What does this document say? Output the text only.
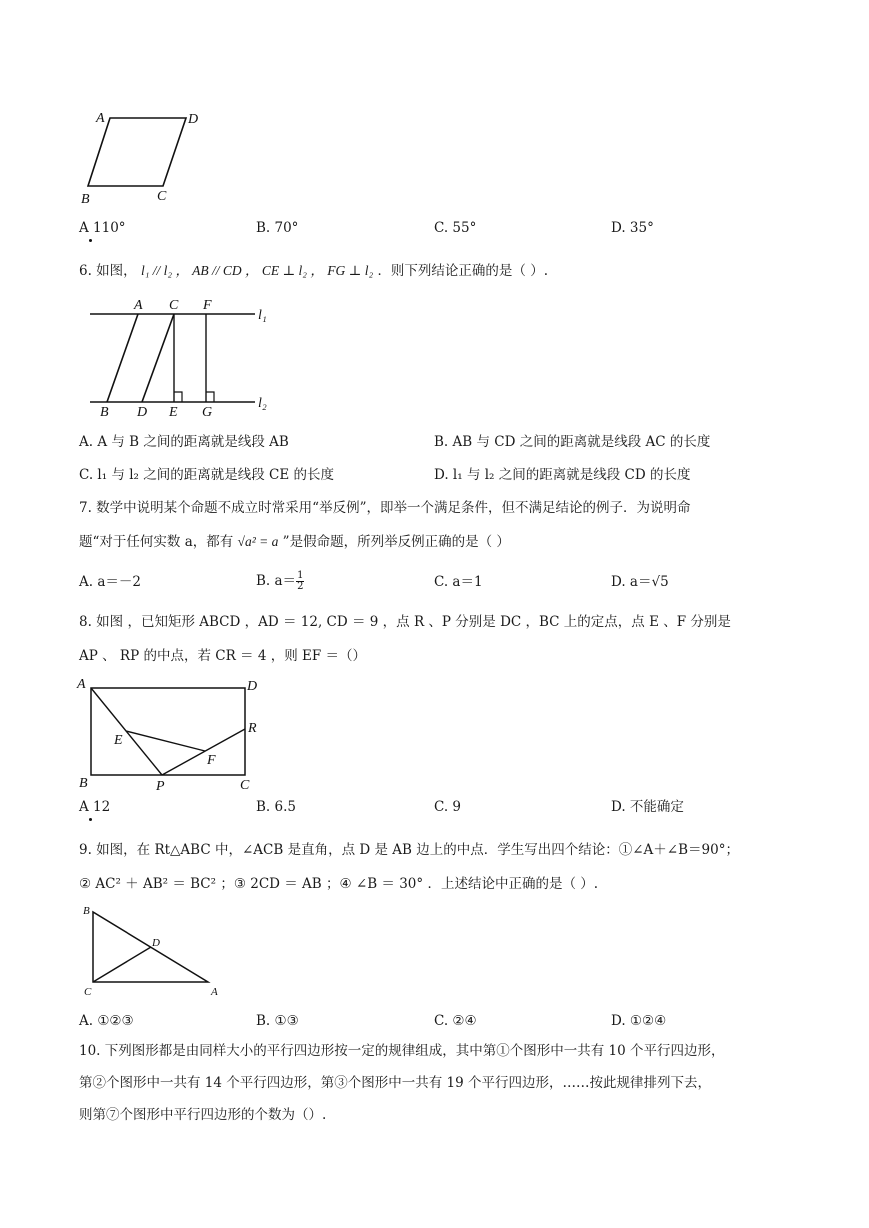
A	D
B	C
A 110°	B. 70°	C. 55°	D. 35°
6. 如图， l₁ // l₂ ， AB // CD ， CE ⊥ l₂ ， FG ⊥ l₂ ．则下列结论正确的是（ ）.
A C F
l₁
l₂
B D E G
A. A 与 B 之间的距离就是线段 AB	B. AB 与 CD 之间的距离就是线段 AC 的长度
C. l₁ 与 l₂ 之间的距离就是线段 CE 的长度	D. l₁ 与 l₂ 之间的距离就是线段 CD 的长度
7. 数学中说明某个命题不成立时常采用“举反例”，即举一个满足条件，但不满足结论的例子．为说明命
题“对于任何实数 a，都有 √a² = a ”是假命题，所列举反例正确的是（ ）
A. a＝－2	B. $a= \frac{1}{2}$	C. a＝1	D. a＝√5
8. 如图 ，已知矩形 ABCD ，AD ＝ 12, CD ＝ 9 ，点 R 、P 分别是 DC ，BC 上的定点，点 E 、F 分别是
AP 、 RP 的中点，若 CR ＝ 4 ，则 EF ＝（）
A	D
R
E
F
B	P	C
A 12	B. 6.5	C. 9	D. 不能确定
9. 如图，在 Rt△ABC 中，∠ACB 是直角，点 D 是 AB 边上的中点．学生写出四个结论：①∠A＋∠B＝90°；
② AC² ＋ AB² ＝ BC² ；③ 2CD ＝ AB ；④ ∠B ＝ 30° ．上述结论中正确的是（ ）.
B
D
C	A
A. ①②③	B. ①③	C. ②④	D. ①②④
10. 下列图形都是由同样大小的平行四边形按一定的规律组成，其中第①个图形中一共有 10 个平行四边形，
第②个图形中一共有 14 个平行四边形，第③个图形中一共有 19 个平行四边形，……按此规律排列下去，
则第⑦个图形中平行四边形的个数为（）.
